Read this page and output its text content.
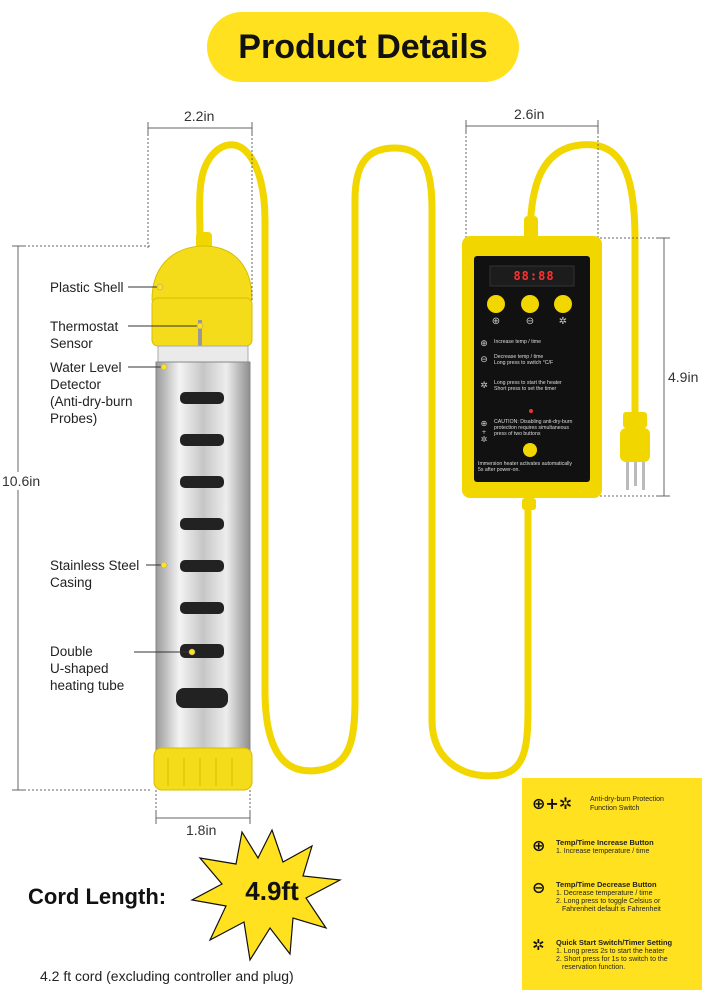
Product Details
⊕	⊖ ✲
⊕
⊖
✲
⊕
+
✲
88:88
Increase temp / time
Decrease temp / time
Long press to switch °C/F
Long press to start the heater
Short press to set the timer
CAUTION: Disabling anti-dry-burn
protection requires simultaneous
press of two buttons
Immersion heater activates automatically
5s after power-on.
2.2in	2.6in
10.6in
4.9in
1.8in
Plastic Shell
Thermostat
Sensor
Water Level
Detector
(Anti-dry-burn
Probes)
Stainless Steel
Casing
Double
U-shaped
heating tube
Cord Length:	4.9ft
4.2 ft cord (excluding controller and plug)
⊕+✲	Anti-dry-burn Protection
Function Switch
⊕ Temp/Time Increase Button
1. Increase temperature / time
⊖ Temp/Time Decrease Button
1. Decrease temperature / time
2. Long press to toggle Celsius or
Fahrenheit default is Fahrenheit
✲ Quick Start Switch/Timer Setting
1. Long press 2s to start the heater
2. Short press for 1s to switch to the
reservation function.
